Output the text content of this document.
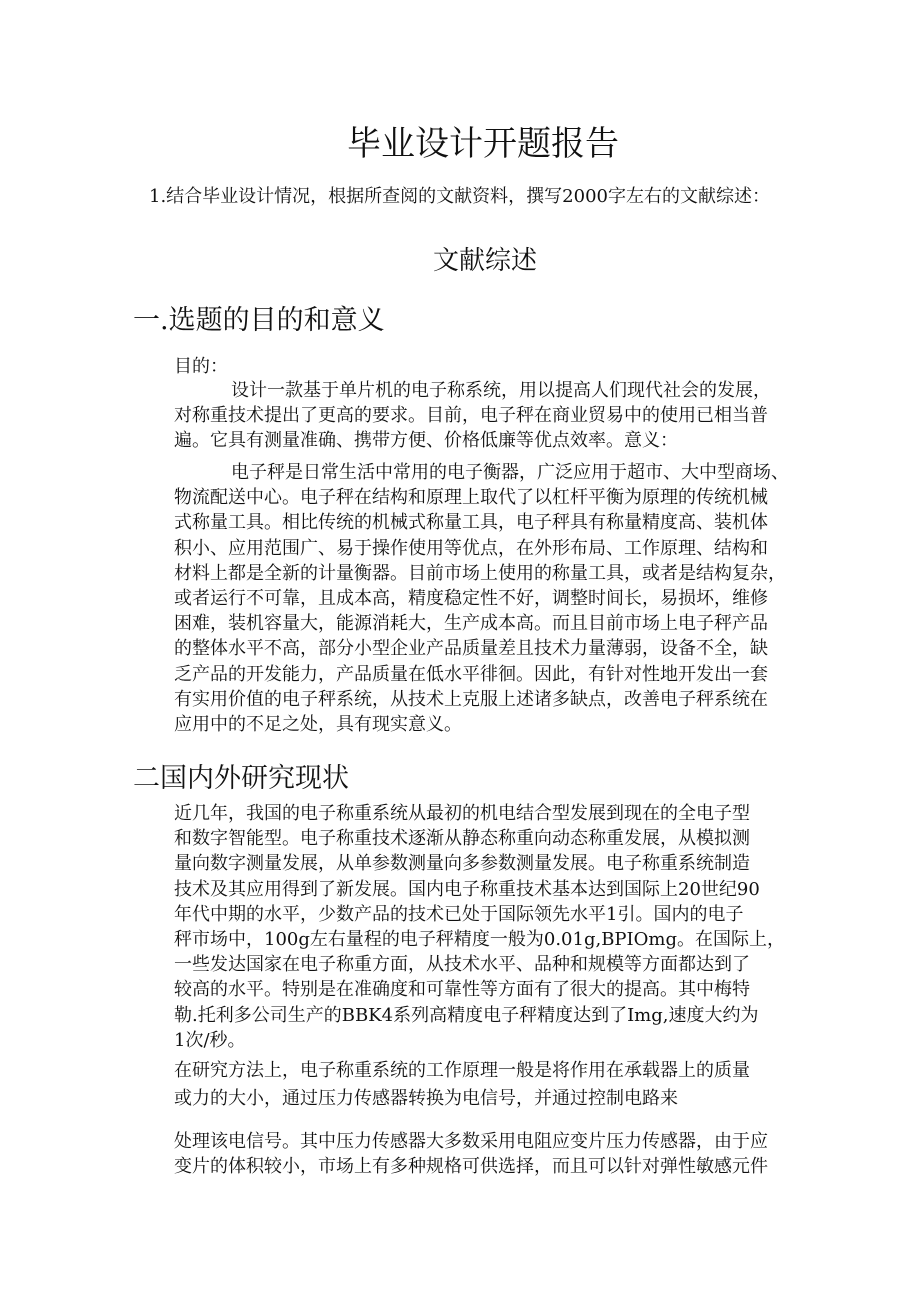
毕业设计开题报告
1.结合毕业设计情况，根据所查阅的文献资料，撰写2000字左右的文献综述：
文献综述
一.选题的目的和意义
目的：
设计一款基于单片机的电子称系统，用以提高人们现代社会的发展，
对称重技术提出了更高的要求。目前，电子秤在商业贸易中的使用已相当普
遍。它具有测量准确、携带方便、价格低廉等优点效率。意义：
电子秤是日常生活中常用的电子衡器，广泛应用于超市、大中型商场、
物流配送中心。电子秤在结构和原理上取代了以杠杆平衡为原理的传统机械
式称量工具。相比传统的机械式称量工具，电子秤具有称量精度高、装机体
积小、应用范围广、易于操作使用等优点，在外形布局、工作原理、结构和
材料上都是全新的计量衡器。目前市场上使用的称量工具，或者是结构复杂，
或者运行不可靠，且成本高，精度稳定性不好，调整时间长，易损坏，维修
困难，装机容量大，能源消耗大，生产成本高。而且目前市场上电子秤产品
的整体水平不高，部分小型企业产品质量差且技术力量薄弱，设备不全，缺
乏产品的开发能力，产品质量在低水平徘徊。因此，有针对性地开发出一套
有实用价值的电子秤系统，从技术上克服上述诸多缺点，改善电子秤系统在
应用中的不足之处，具有现实意义。
二国内外研究现状
近几年，我国的电子称重系统从最初的机电结合型发展到现在的全电子型
和数字智能型。电子称重技术逐渐从静态称重向动态称重发展，从模拟测
量向数字测量发展，从单参数测量向多参数测量发展。电子称重系统制造
技术及其应用得到了新发展。国内电子称重技术基本达到国际上20世纪90
年代中期的水平，少数产品的技术已处于国际领先水平1引。国内的电子
秤市场中，100g左右量程的电子秤精度一般为0.01g,BPIOmg。在国际上，
一些发达国家在电子称重方面，从技术水平、品种和规模等方面都达到了
较高的水平。特别是在准确度和可靠性等方面有了很大的提高。其中梅特
勒.托利多公司生产的BBK4系列高精度电子秤精度达到了Img,速度大约为
1次/秒。
在研究方法上，电子称重系统的工作原理一般是将作用在承载器上的质量
或力的大小，通过压力传感器转换为电信号，并通过控制电路来
处理该电信号。其中压力传感器大多数采用电阻应变片压力传感器，由于应
变片的体积较小，市场上有多种规格可供选择，而且可以针对弹性敏感元件
